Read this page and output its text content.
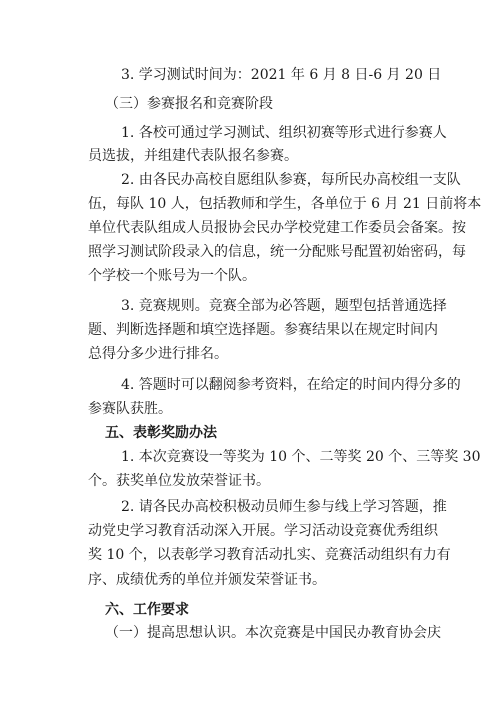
3. 学习测试时间为：2021 年 6 月 8 日-6 月 20 日
（三）参赛报名和竞赛阶段
1. 各校可通过学习测试、组织初赛等形式进行参赛人
员选拔，并组建代表队报名参赛。
2. 由各民办高校自愿组队参赛，每所民办高校组一支队
伍，每队 10 人，包括教师和学生，各单位于 6 月 21 日前将本
单位代表队组成人员报协会民办学校党建工作委员会备案。按
照学习测试阶段录入的信息，统一分配账号配置初始密码，每
个学校一个账号为一个队。
3. 竞赛规则。竞赛全部为必答题，题型包括普通选择
题、判断选择题和填空选择题。参赛结果以在规定时间内
总得分多少进行排名。
4. 答题时可以翻阅参考资料，在给定的时间内得分多的
参赛队获胜。
五、表彰奖励办法
1. 本次竞赛设一等奖为 10 个、二等奖 20 个、三等奖 30
个。获奖单位发放荣誉证书。
2. 请各民办高校积极动员师生参与线上学习答题，推
动党史学习教育活动深入开展。学习活动设竞赛优秀组织
奖 10 个，以表彰学习教育活动扎实、竞赛活动组织有力有
序、成绩优秀的单位并颁发荣誉证书。
六、工作要求
（一）提高思想认识。本次竞赛是中国民办教育协会庆
